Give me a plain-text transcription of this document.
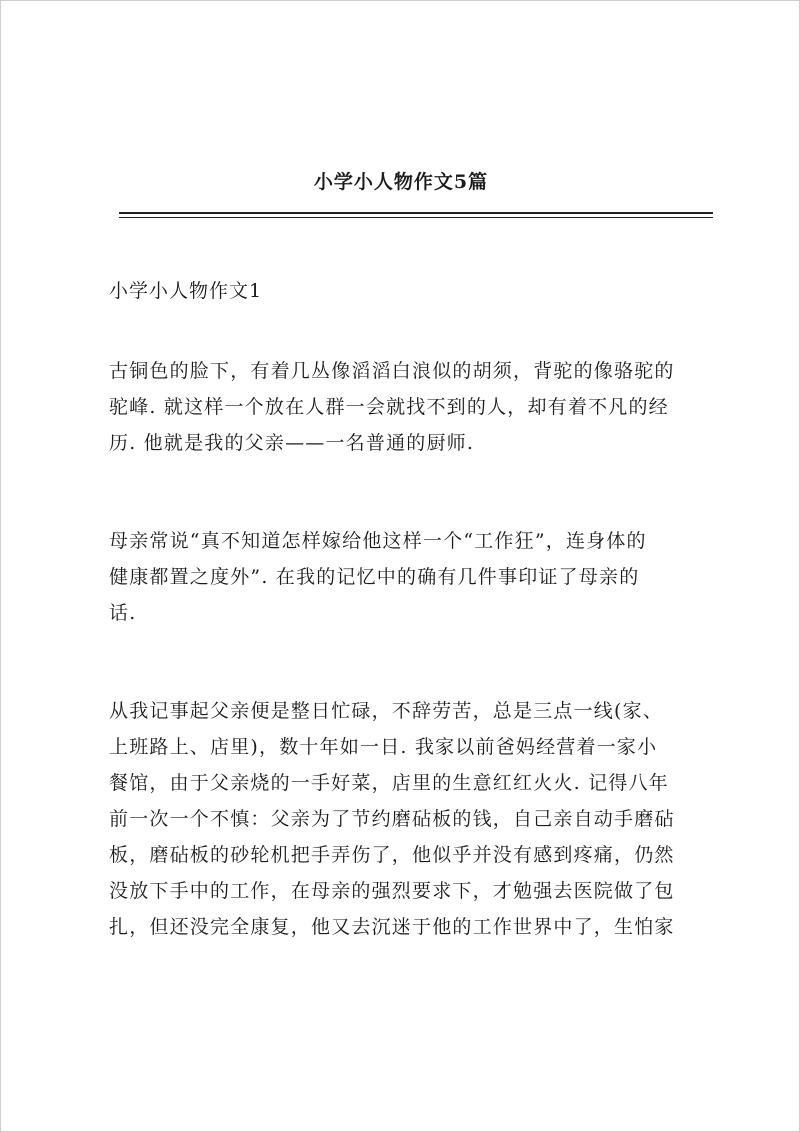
小学小人物作文5篇
小学小人物作文1
古铜色的脸下，有着几丛像滔滔白浪似的胡须，背驼的像骆驼的
驼峰. 就这样一个放在人群一会就找不到的人，却有着不凡的经
历. 他就是我的父亲——一名普通的厨师.
母亲常说“真不知道怎样嫁给他这样一个“工作狂”，连身体的
健康都置之度外”. 在我的记忆中的确有几件事印证了母亲的
话.
从我记事起父亲便是整日忙碌，不辞劳苦，总是三点一线(家、
上班路上、店里)，数十年如一日. 我家以前爸妈经营着一家小
餐馆，由于父亲烧的一手好菜，店里的生意红红火火. 记得八年
前一次一个不慎：父亲为了节约磨砧板的钱，自己亲自动手磨砧
板，磨砧板的砂轮机把手弄伤了，他似乎并没有感到疼痛，仍然
没放下手中的工作，在母亲的强烈要求下，才勉强去医院做了包
扎，但还没完全康复，他又去沉迷于他的工作世界中了，生怕家
